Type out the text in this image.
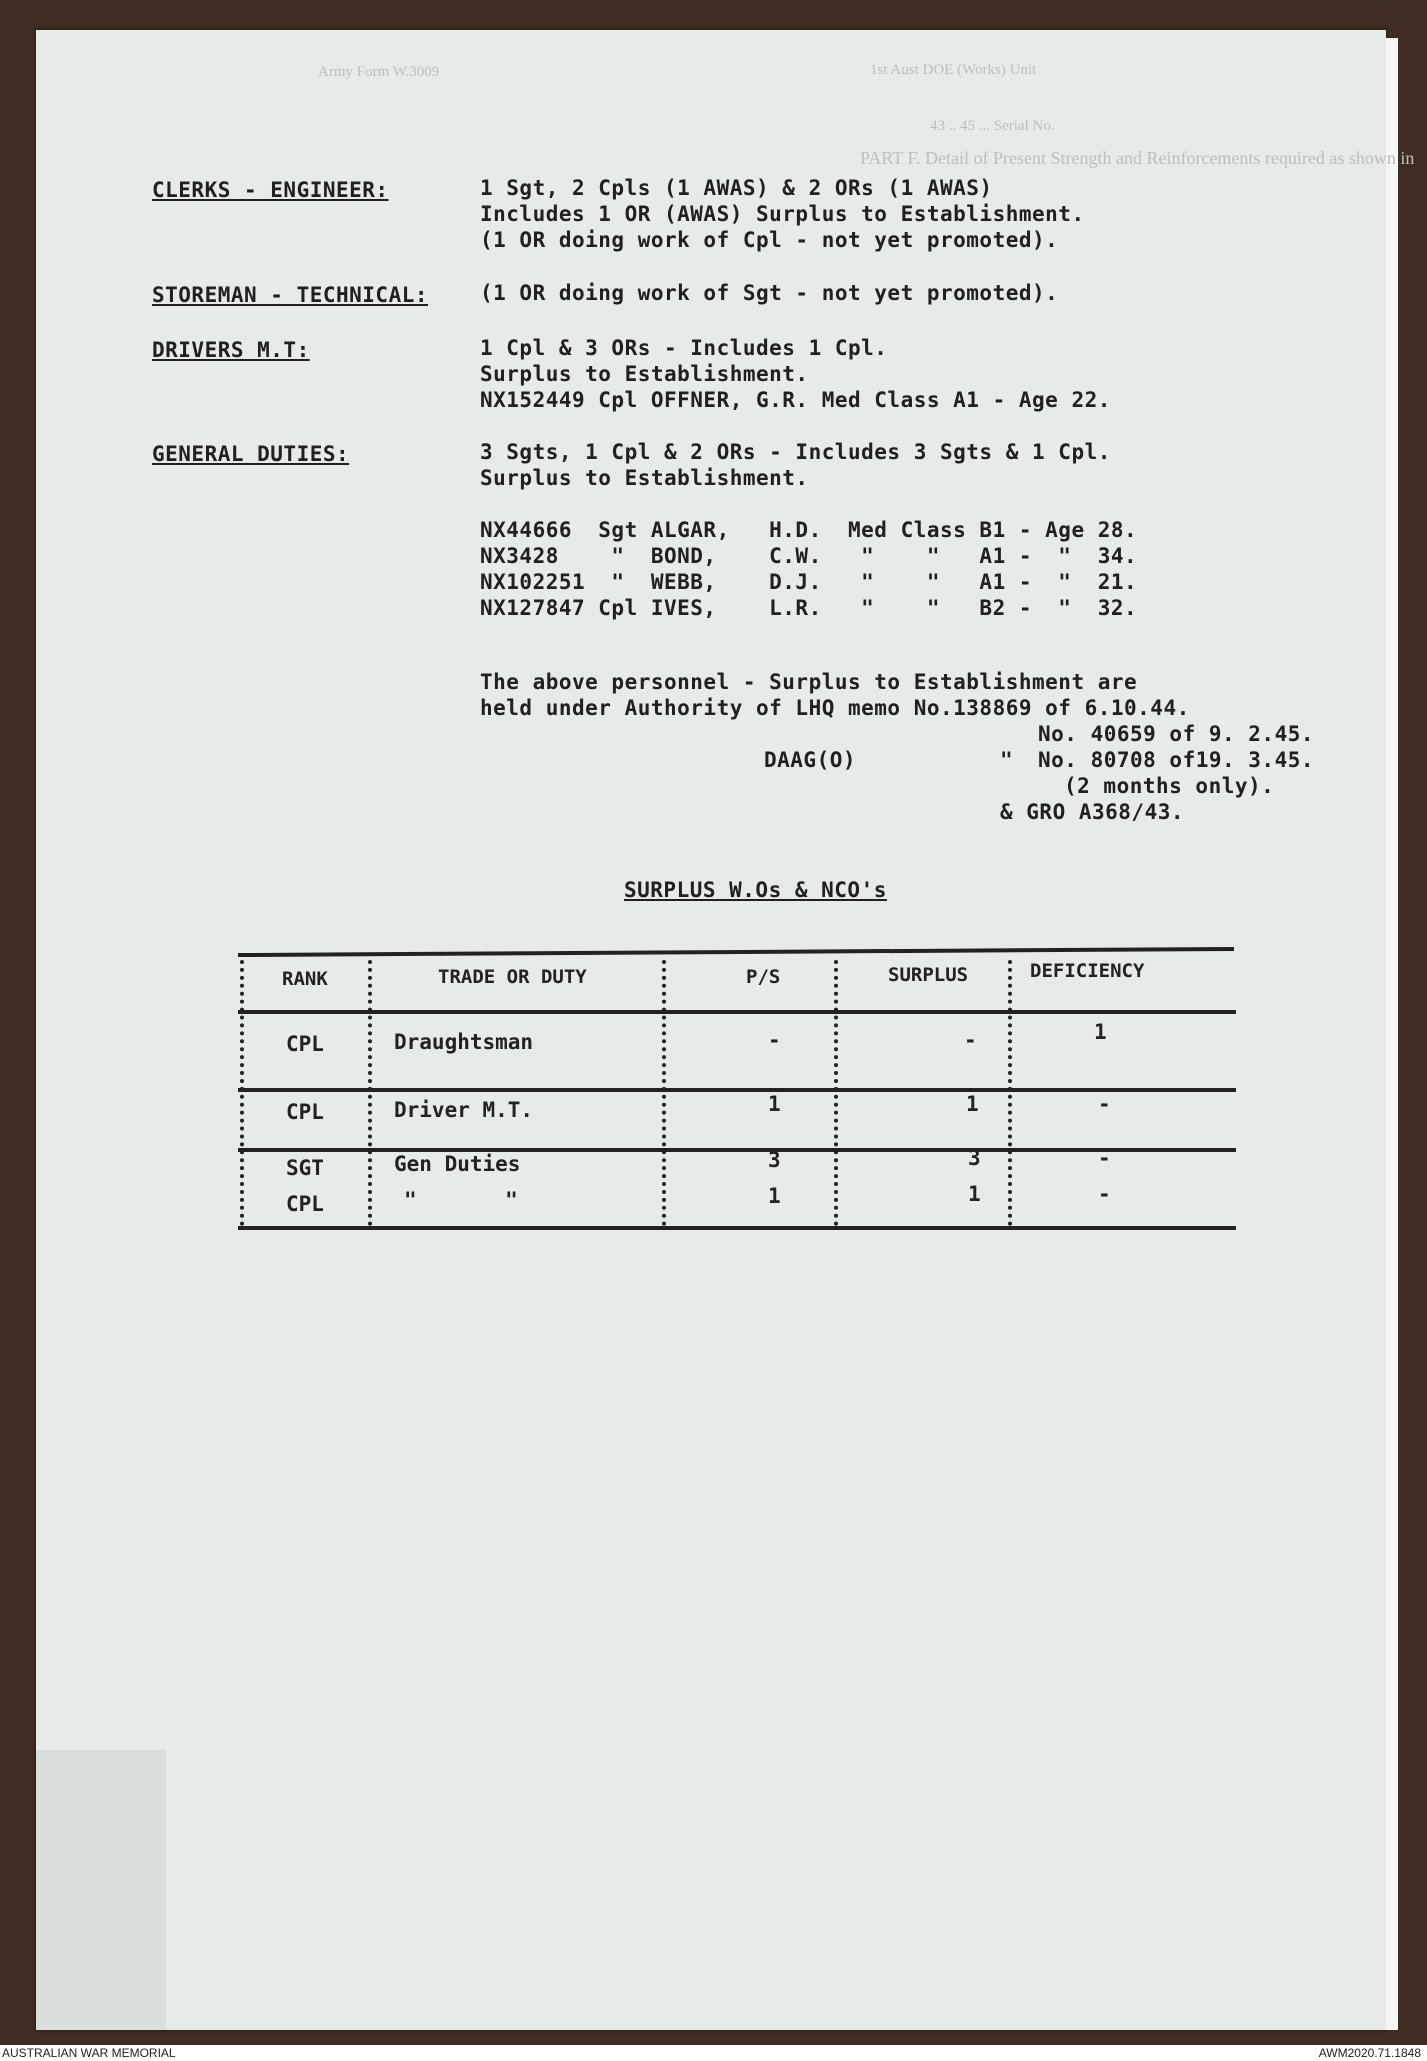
Army Form W.3009	1st Aust DOE (Works) Unit
43 .. 45 ... Serial No.
PART F. Detail of Present Strength and Reinforcements required as shown in
CLERKS - ENGINEER:	1 Sgt, 2 Cpls (1 AWAS) & 2 ORs (1 AWAS)
Includes 1 OR (AWAS) Surplus to Establishment.
(1 OR doing work of Cpl - not yet promoted).
STOREMAN - TECHNICAL: (1 OR doing work of Sgt - not yet promoted).
DRIVERS M.T:	1 Cpl & 3 ORs - Includes 1 Cpl.
Surplus to Establishment.
NX152449 Cpl OFFNER, G.R. Med Class A1 - Age 22.
GENERAL DUTIES:	3 Sgts, 1 Cpl & 2 ORs - Includes 3 Sgts & 1 Cpl.
Surplus to Establishment.
NX44666  Sgt ALGAR,   H.D.  Med Class B1 - Age 28.
NX3428    "  BOND,    C.W.   "    "   A1 -  "  34.
NX102251  "  WEBB,    D.J.   "    "   A1 -  "  21.
NX127847 Cpl IVES,    L.R.   "    "   B2 -  "  32.
The above personnel - Surplus to Establishment are
held under Authority of LHQ memo No.138869 of 6.10.44.
No. 40659 of 9. 2.45.
DAAG(O)	" No. 80708 of19. 3.45.
(2 months only).
& GRO A368/43.
SURPLUS W.Os & NCO's
RANK	TRADE OR DUTY	P/S	SURPLUS	DEFICIENCY
CPL	Draughtsman	-	-	1
CPL	Driver M.T.	1	1	-
SGT	Gen Duties	3	3	-
CPL	"       "	1	1	-
AUSTRALIAN WAR MEMORIAL	AWM2020.71.1848
